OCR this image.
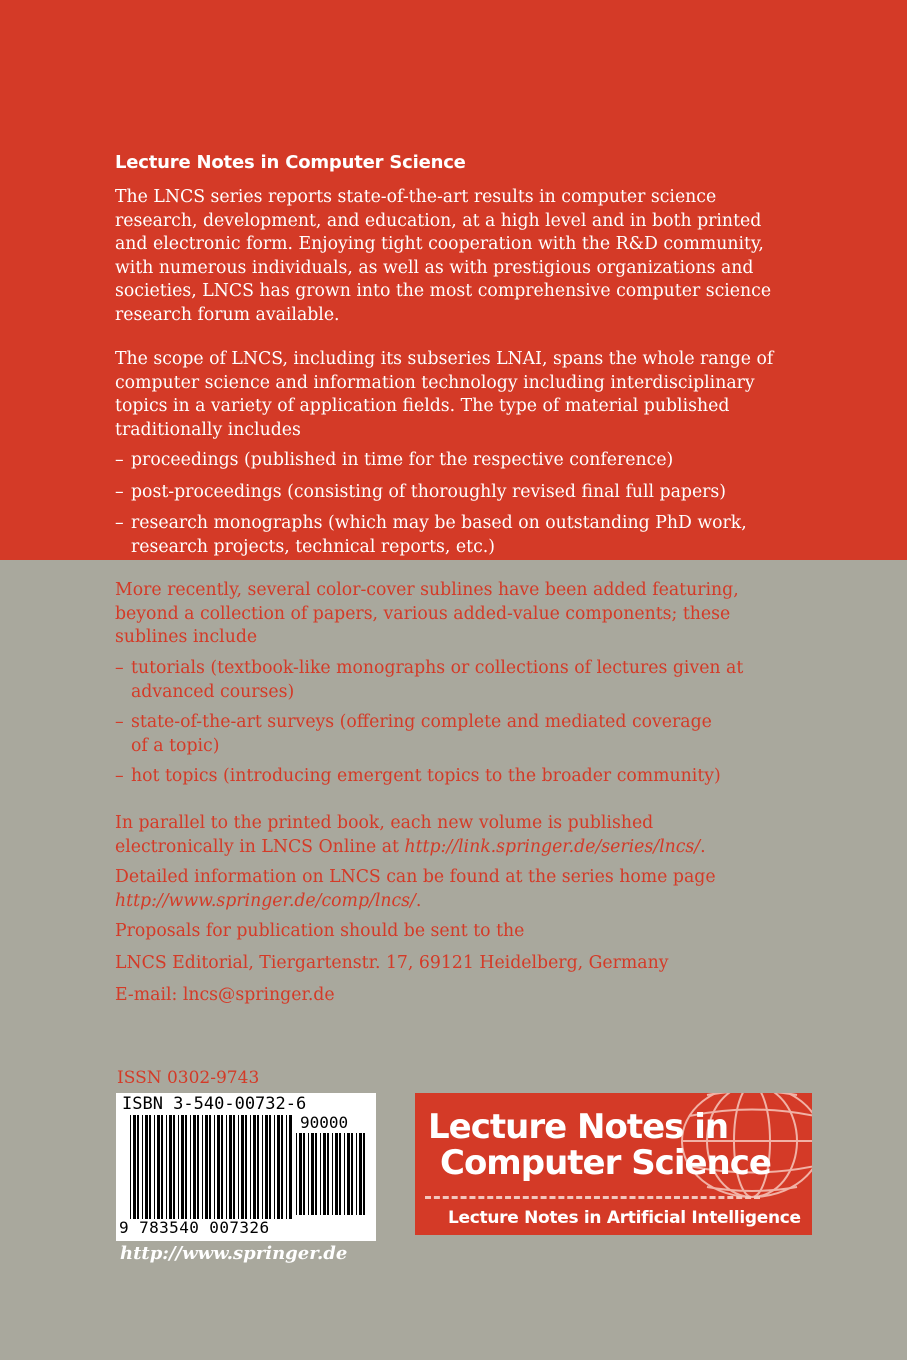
Lecture Notes in Computer Science

The LNCS series reports state-of-the-art results in computer science

research, development, and education, at a high level and in both printed

and electronic form. Enjoying tight cooperation with the R&D community,

with numerous individuals, as well as with prestigious organizations and

societies, LNCS has grown into the most comprehensive computer science

research forum available.

The scope of LNCS, including its subseries LNAI, spans the whole range of

computer science and information technology including interdisciplinary

topics in a variety of application fields. The type of material published

traditionally includes

– proceedings (published in time for the respective conference)
– post-proceedings (consisting of thoroughly revised final full papers)
– research monographs (which may be based on outstanding PhD work,
research projects, technical reports, etc.)

More recently, several color-cover sublines have been added featuring,

beyond a collection of papers, various added-value components; these

sublines include

– tutorials (textbook-like monographs or collections of lectures given at
advanced courses)
– state-of-the-art surveys (offering complete and mediated coverage
of a topic)
– hot topics (introducing emergent topics to the broader community)

In parallel to the printed book, each new volume is published

electronically in LNCS Online at http://link.springer.de/series/lncs/.

Detailed information on LNCS can be found at the series home page

http://www.springer.de/comp/lncs/.

Proposals for publication should be sent to the

LNCS Editorial, Tiergartenstr. 17, 69121 Heidelberg, Germany

E-mail: lncs@springer.de

ISSN 0302-9743
ISBN 3-540-00732-6
90000
9 783540 007326
http://www.springer.de
Lecture Notes in
Computer Science
Lecture Notes in Artificial Intelligence
